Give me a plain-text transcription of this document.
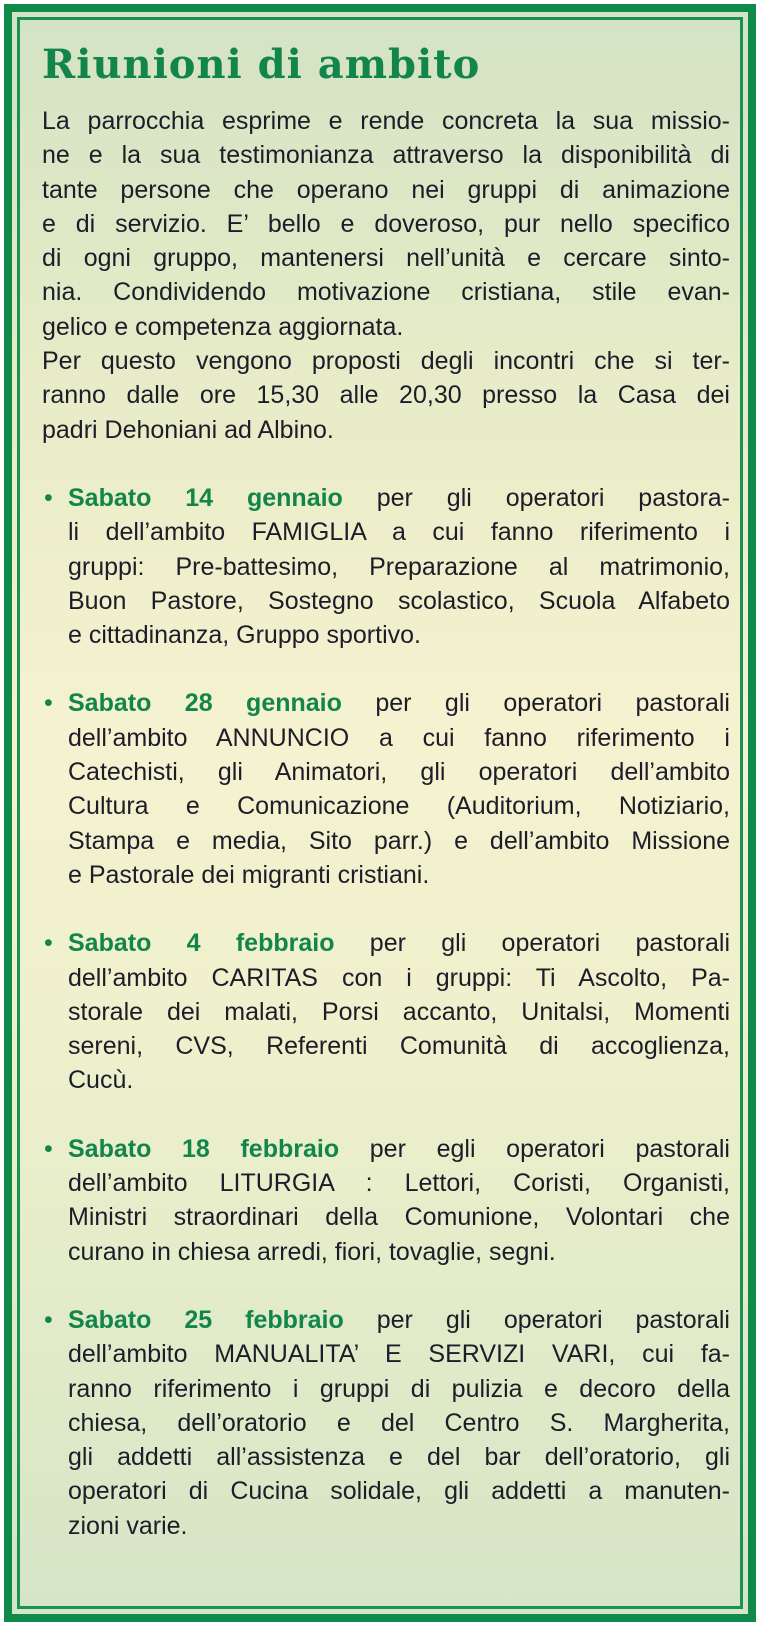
Riunioni di ambito
La parrocchia esprime e rende concreta la sua missio-
ne e la sua testimonianza attraverso la disponibilità di
tante persone che operano nei gruppi di animazione
e di servizio. E’ bello e doveroso, pur nello specifico
di ogni gruppo, mantenersi nell’unità e cercare sinto-
nia. Condividendo motivazione cristiana, stile evan-
gelico e competenza aggiornata.
Per questo vengono proposti degli incontri che si ter-
ranno dalle ore 15,30 alle 20,30 presso la Casa dei
padri Dehoniani ad Albino.
• Sabato 14 gennaio per gli operatori pastora-
li dell’ambito FAMIGLIA a cui fanno riferimento i
gruppi: Pre-battesimo, Preparazione al matrimonio,
Buon Pastore, Sostegno scolastico, Scuola Alfabeto
e cittadinanza, Gruppo sportivo.
• Sabato 28 gennaio per gli operatori pastorali
dell’ambito ANNUNCIO a cui fanno riferimento i
Catechisti, gli Animatori, gli operatori dell’ambito
Cultura e Comunicazione (Auditorium, Notiziario,
Stampa e media, Sito parr.) e dell’ambito Missione
e Pastorale dei migranti cristiani.
• Sabato 4 febbraio per gli operatori pastorali
dell’ambito CARITAS con i gruppi: Ti Ascolto, Pa-
storale dei malati, Porsi accanto, Unitalsi, Momenti
sereni, CVS, Referenti Comunità di accoglienza,
Cucù.
• Sabato 18 febbraio per egli operatori pastorali
dell’ambito LITURGIA : Lettori, Coristi, Organisti,
Ministri straordinari della Comunione, Volontari che
curano in chiesa arredi, fiori, tovaglie, segni.
• Sabato 25 febbraio per gli operatori pastorali
dell’ambito MANUALITA’ E SERVIZI VARI, cui fa-
ranno riferimento i gruppi di pulizia e decoro della
chiesa, dell’oratorio e del Centro S. Margherita,
gli addetti all’assistenza e del bar dell’oratorio, gli
operatori di Cucina solidale, gli addetti a manuten-
zioni varie.
